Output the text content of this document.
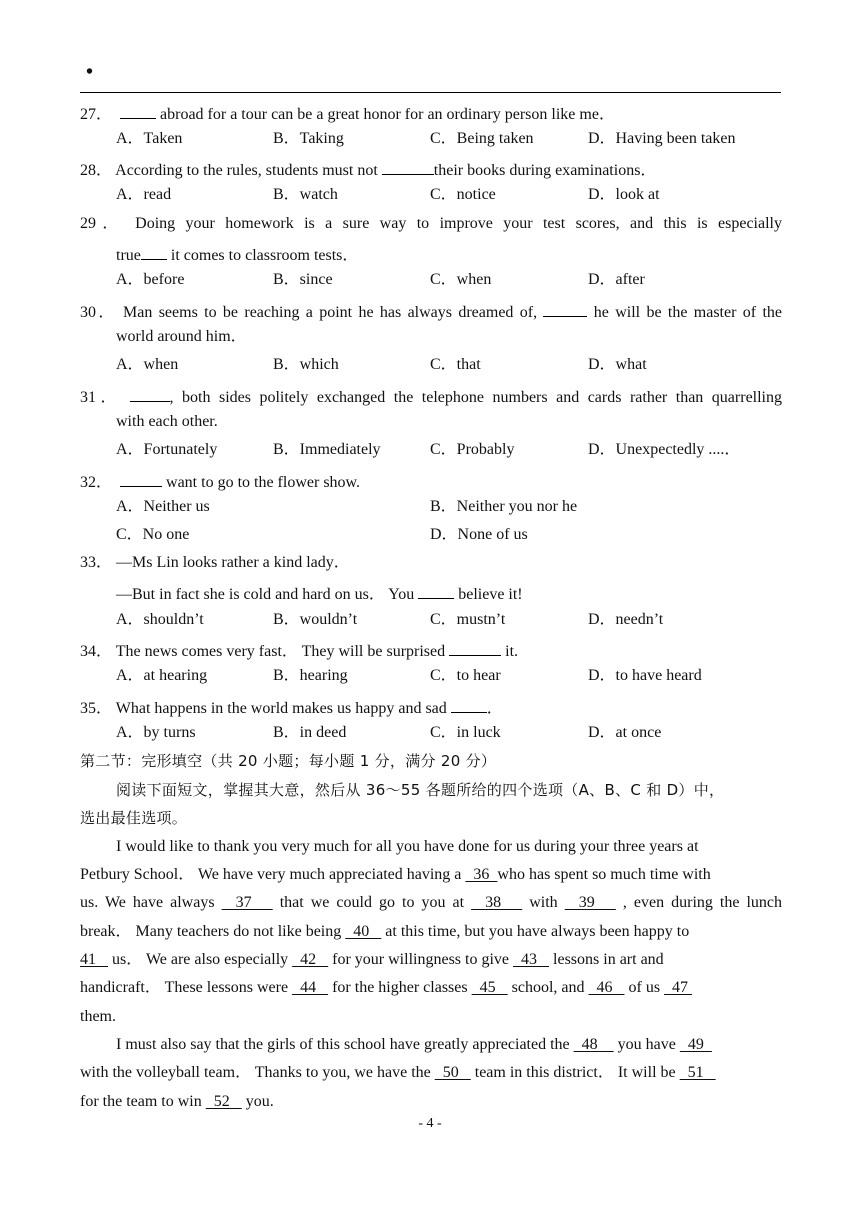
•
27．	abroad for a tour can be a great honor for an ordinary person like me．
A．Taken	B．Taking	C．Being taken	D．Having been taken
28． According to the rules, students must not	their books during examinations．
A．read	B．watch	C．notice	D．look at
29． Doing your homework is a sure way to improve your test scores, and this is especially
true it comes to classroom tests．
A．before	B．since	C．when	D．after
30． Man seems to be reaching a point he has always dreamed of,	he will be the master of the
world around him．
A．when	B．which	C．that	D．what
31．	, both sides politely exchanged the telephone numbers and cards rather than quarrelling
with each other.
A．Fortunately	B．Immediately	C．Probably	D．Unexpectedly ....．
32．	want to go to the flower show.
A．Neither us	B．Neither you nor he
C．No one	D．None of us
33． —Ms Lin looks rather a kind lady．
—But in fact she is cold and hard on us． You  believe it!
A．shouldn’t	B．wouldn’t	C．mustn’t	D．needn’t
34． The news comes very fast． They will be surprised	it.
A．at hearing	B．hearing	C．to hear	D．to have heard
35． What happens in the world makes us happy and sad ．
A．by turns	B．in deed	C．in luck	D．at once
第二节：完形填空（共 20 小题；每小题 1 分，满分 20 分）
阅读下面短文，掌握其大意，然后从 36～55 各题所给的四个选项（A、B、C 和 D）中，
选出最佳选项。
I would like to thank you very much for all you have done for us during your three years at
Petbury School． We have very much appreciated having a   36  who has spent so much time with
us. We have always   37    that we could go to you at   38    with   39    , even during the lunch
break． Many teachers do not like being   40    at this time, but you have always been happy to
41    us． We are also especially   42    for your willingness to give   43    lessons in art and
handicraft． These lessons were   44    for the higher classes   45    school, and   46    of us   47
them.
I must also say that the girls of this school have greatly appreciated the   48     you have   49
with the volleyball team． Thanks to you, we have the   50    team in this district． It will be   51
for the team to win   52    you.
- 4 -
